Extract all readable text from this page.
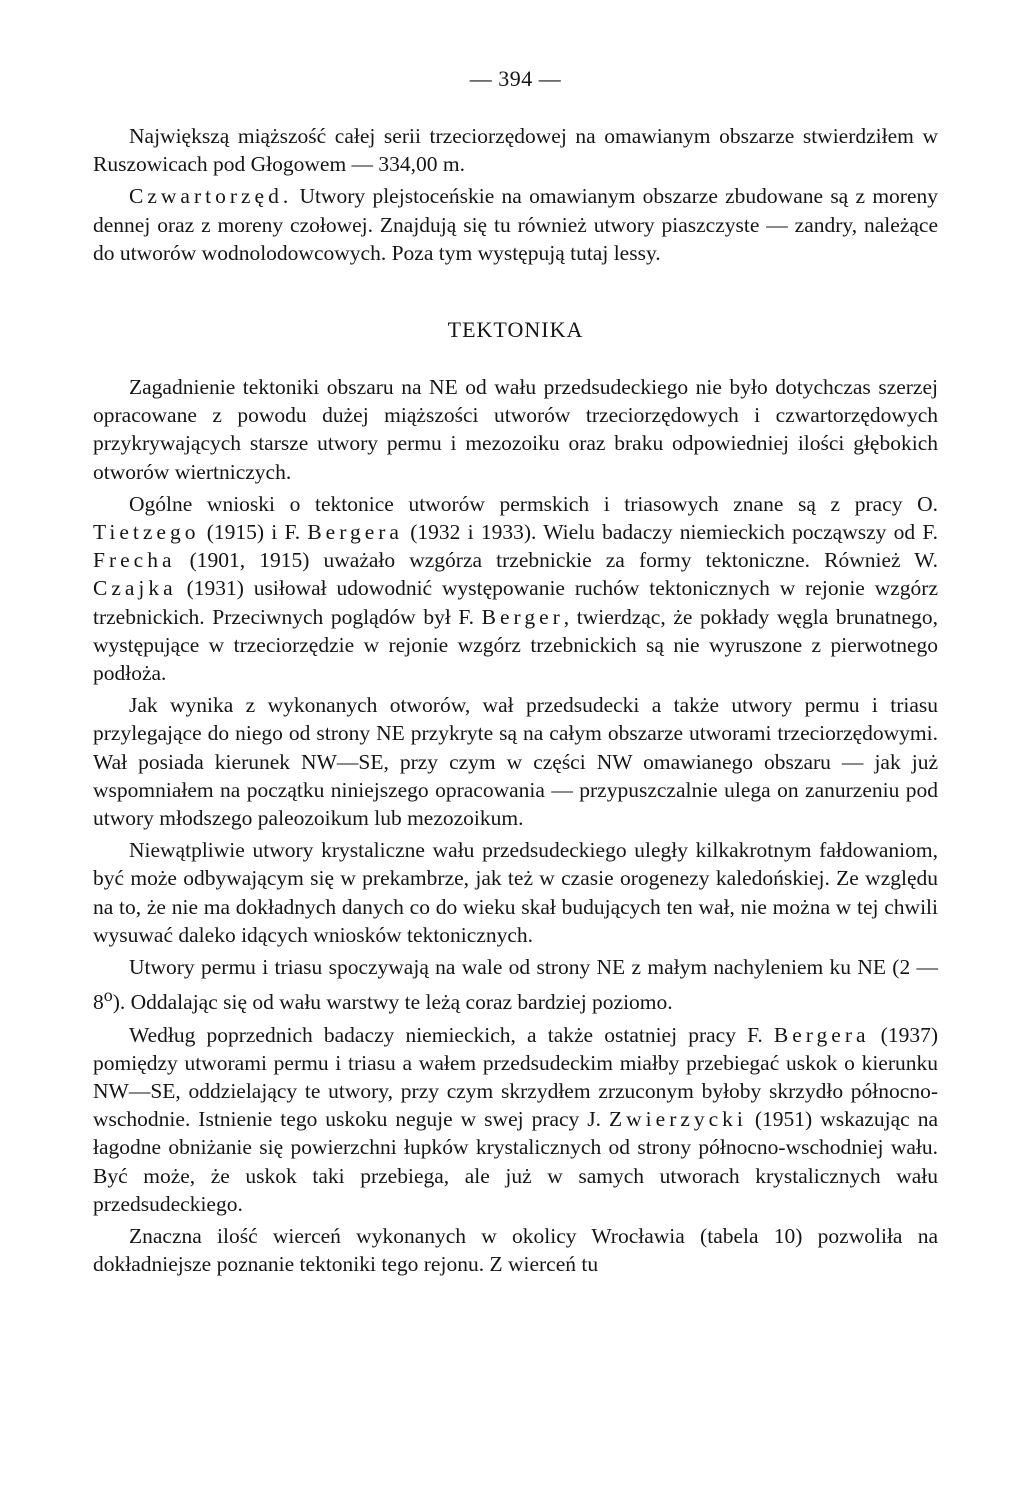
— 394 —

Największą miąższość całej serii trzeciorzędowej na omawianym obszarze stwierdziłem w Ruszowicach pod Głogowem — 334,00 m.

Czwartorzęd. Utwory plejstoceńskie na omawianym obszarze zbudowane są z moreny dennej oraz z moreny czołowej. Znajdują się tu również utwory piaszczyste — zandry, należące do utworów wodnolodowcowych. Poza tym występują tutaj lessy.

TEKTONIKA

Zagadnienie tektoniki obszaru na NE od wału przedsudeckiego nie było dotychczas szerzej opracowane z powodu dużej miąższości utworów trzeciorzędowych i czwartorzędowych przykrywających starsze utwory permu i mezozoiku oraz braku odpowiedniej ilości głębokich otworów wiertniczych.

Ogólne wnioski o tektonice utworów permskich i triasowych znane są z pracy O. Tietzego (1915) i F. Bergera (1932 i 1933). Wielu badaczy niemieckich począwszy od F. Frecha (1901, 1915) uważało wzgórza trzebnickie za formy tektoniczne. Również W. Czajka (1931) usiłował udowodnić występowanie ruchów tektonicznych w rejonie wzgórz trzebnickich. Przeciwnych poglądów był F. Berger, twierdząc, że pokłady węgla brunatnego, występujące w trzeciorzędzie w rejonie wzgórz trzebnickich są nie wyruszone z pierwotnego podłoża.

Jak wynika z wykonanych otworów, wał przedsudecki a także utwory permu i triasu przylegające do niego od strony NE przykryte są na całym obszarze utworami trzeciorzędowymi. Wał posiada kierunek NW—SE, przy czym w części NW omawianego obszaru — jak już wspomniałem na początku niniejszego opracowania — przypuszczalnie ulega on zanurzeniu pod utwory młodszego paleozoikum lub mezozoikum.

Niewątpliwie utwory krystaliczne wału przedsudeckiego uległy kilkakrotnym fałdowaniom, być może odbywającym się w prekambrze, jak też w czasie orogenezy kaledońskiej. Ze względu na to, że nie ma dokładnych danych co do wieku skał budujących ten wał, nie można w tej chwili wysuwać daleko idących wniosków tektonicznych.

Utwory permu i triasu spoczywają na wale od strony NE z małym nachyleniem ku NE (2 — 8$^o$). Oddalając się od wału warstwy te leżą coraz bardziej poziomo.

Według poprzednich badaczy niemieckich, a także ostatniej pracy F. Bergera (1937) pomiędzy utworami permu i triasu a wałem przedsudeckim miałby przebiegać uskok o kierunku NW—SE, oddzielający te utwory, przy czym skrzydłem zrzuconym byłoby skrzydło północno-wschodnie. Istnienie tego uskoku neguje w swej pracy J. Zwierzycki (1951) wskazując na łagodne obniżanie się powierzchni łupków krystalicznych od strony północno-wschodniej wału. Być może, że uskok taki przebiega, ale już w samych utworach krystalicznych wału przedsudeckiego.

Znaczna ilość wierceń wykonanych w okolicy Wrocławia (tabela 10) pozwoliła na dokładniejsze poznanie tektoniki tego rejonu. Z wierceń tu
